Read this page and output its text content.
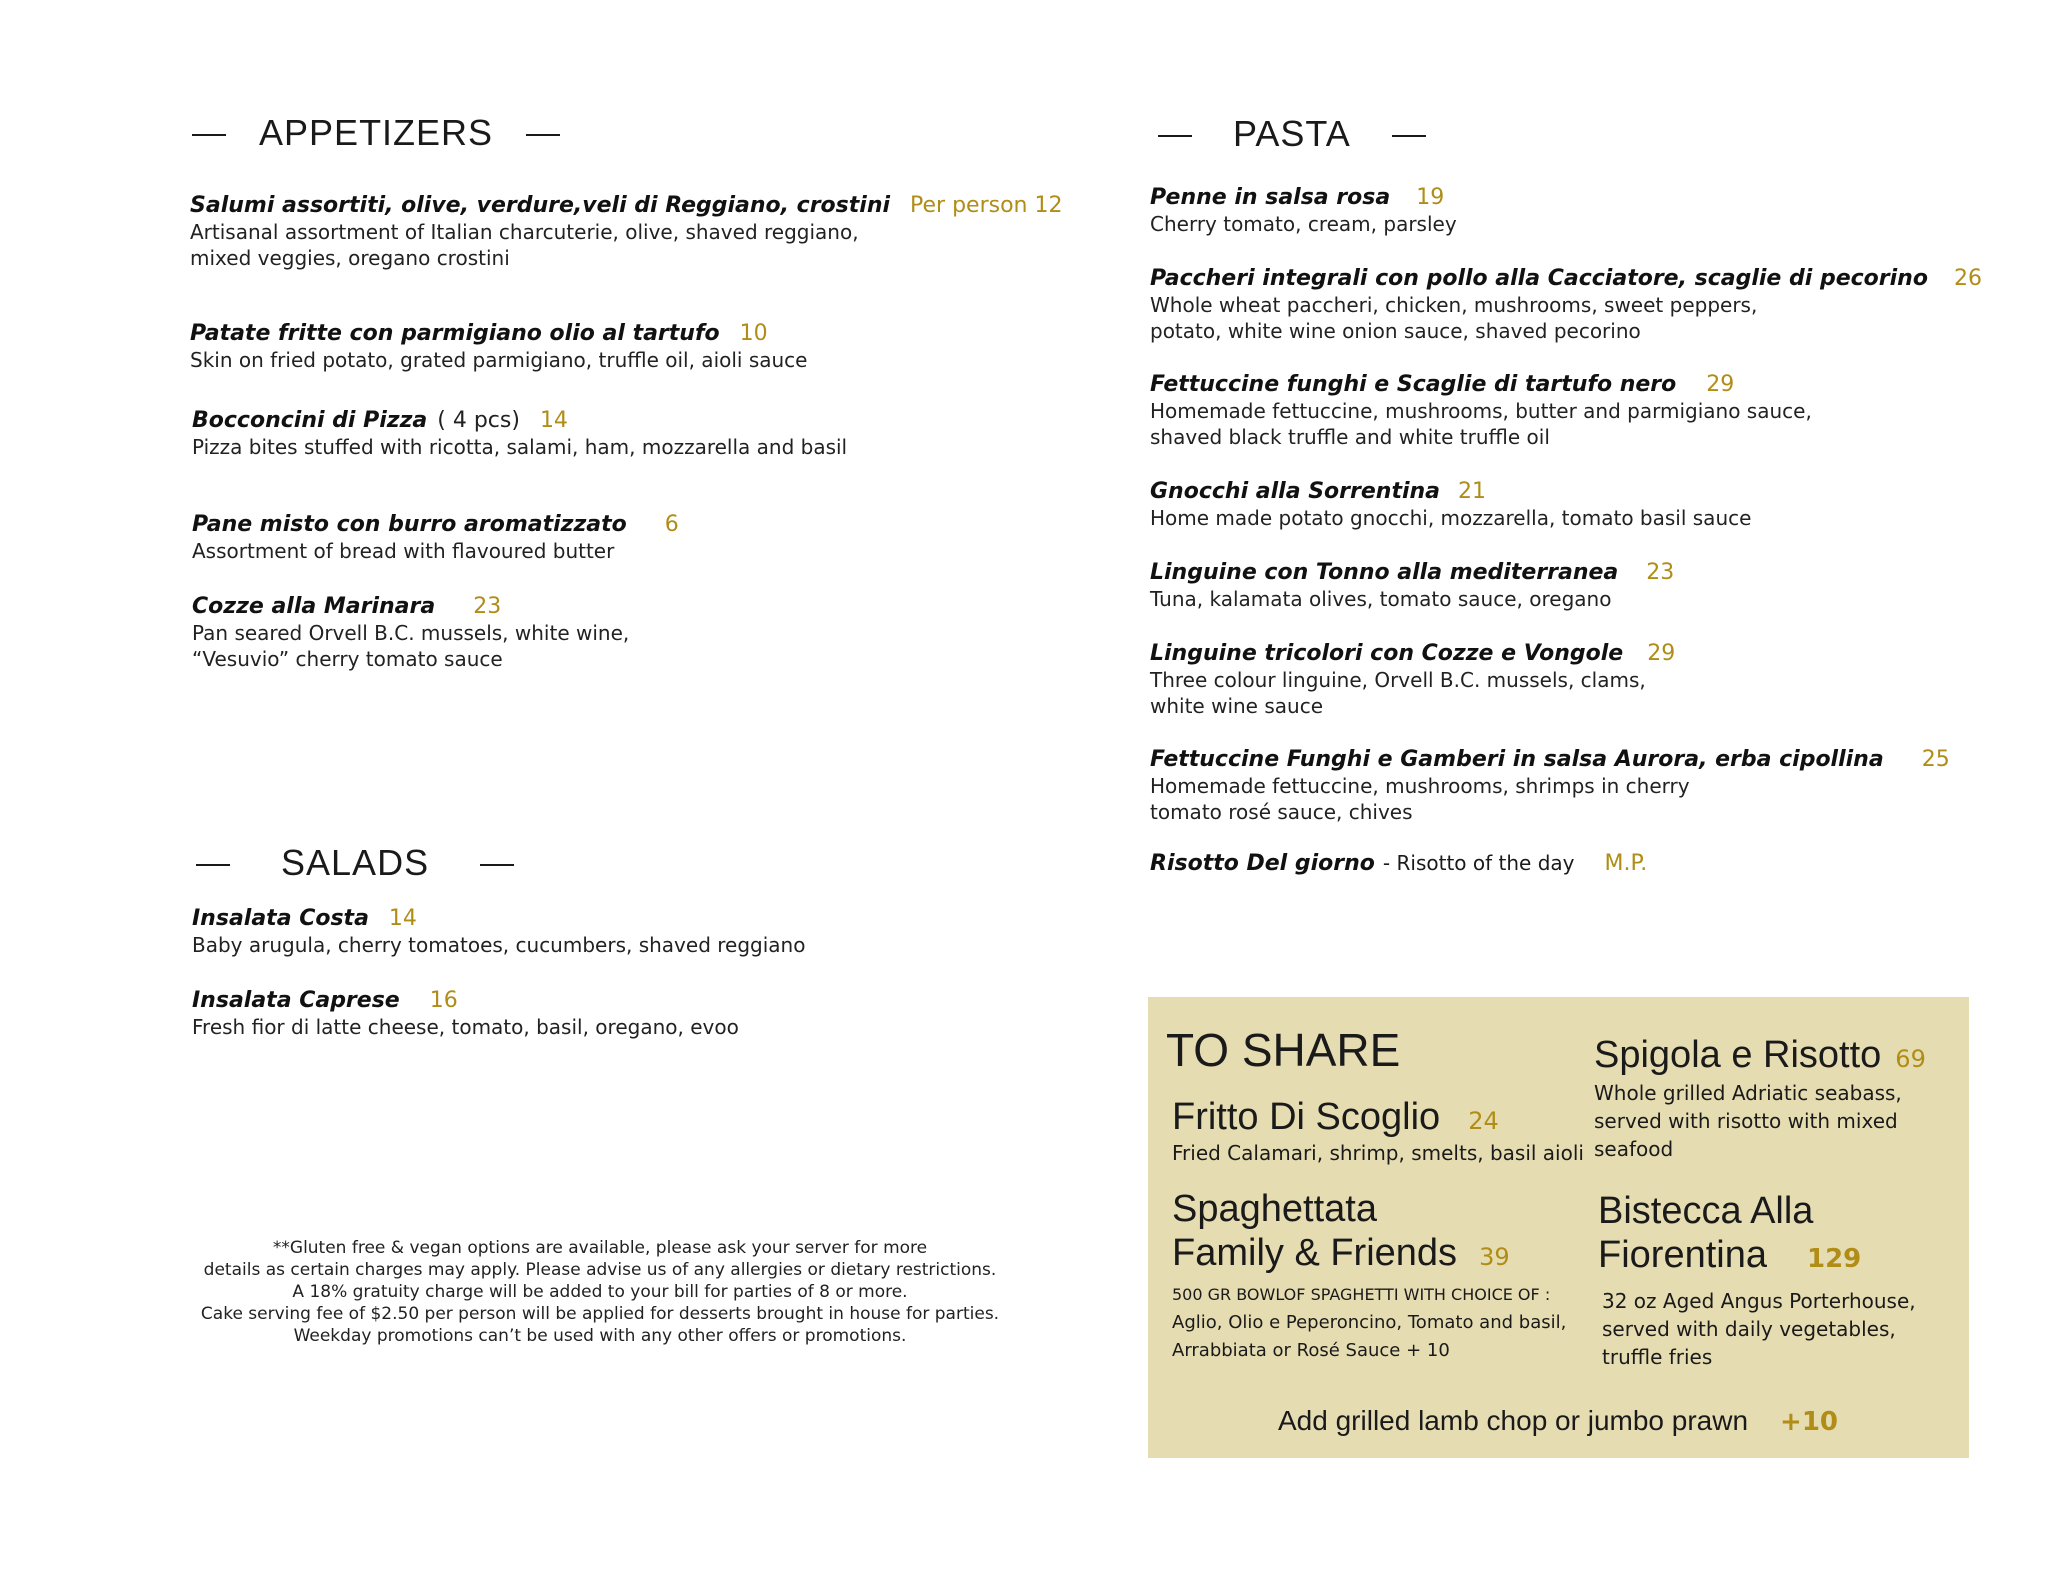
APPETIZERS
Salumi assortiti, olive, verdure,veli di Reggiano, crostini Per person 12
Artisanal assortment of Italian charcuterie, olive, shaved reggiano,
mixed veggies, oregano crostini
Patate fritte con parmigiano olio al tartufo 10
Skin on fried potato, grated parmigiano, truffle oil, aioli sauce
Bocconcini di Pizza ( 4 pcs) 14
Pizza bites stuffed with ricotta, salami, ham, mozzarella and basil
Pane misto con burro aromatizzato 6
Assortment of bread with flavoured butter
Cozze alla Marinara 23
Pan seared Orvell B.C. mussels, white wine,
“Vesuvio” cherry tomato sauce
SALADS
Insalata Costa 14
Baby arugula, cherry tomatoes, cucumbers, shaved reggiano
Insalata Caprese 16
Fresh fior di latte cheese, tomato, basil, oregano, evoo
**Gluten free & vegan options are available, please ask your server for more
details as certain charges may apply. Please advise us of any allergies or dietary restrictions.
A 18% gratuity charge will be added to your bill for parties of 8 or more.
Cake serving fee of $2.50 per person will be applied for desserts brought in house for parties.
Weekday promotions can’t be used with any other offers or promotions.
PASTA
Penne in salsa rosa 19
Cherry tomato, cream, parsley
Paccheri integrali con pollo alla Cacciatore, scaglie di pecorino 26
Whole wheat paccheri, chicken, mushrooms, sweet peppers,
potato, white wine onion sauce, shaved pecorino
Fettuccine funghi e Scaglie di tartufo nero 29
Homemade fettuccine, mushrooms, butter and parmigiano sauce,
shaved black truffle and white truffle oil
Gnocchi alla Sorrentina 21
Home made potato gnocchi, mozzarella, tomato basil sauce
Linguine con Tonno alla mediterranea 23
Tuna, kalamata olives, tomato sauce, oregano
Linguine tricolori con Cozze e Vongole 29
Three colour linguine, Orvell B.C. mussels, clams,
white wine sauce
Fettuccine Funghi e Gamberi in salsa Aurora, erba cipollina 25
Homemade fettuccine, mushrooms, shrimps in cherry
tomato rosé sauce, chives
Risotto Del giorno - Risotto of the day M.P.
TO SHARE
Fritto Di Scoglio 24
Fried Calamari, shrimp, smelts, basil aioli
Spaghettata
Family & Friends 39
500 GR BOWLOF SPAGHETTI WITH CHOICE OF :
Aglio, Olio e Peperoncino, Tomato and basil,
Arrabbiata or Rosé Sauce + 10
Spigola e Risotto 69
Whole grilled Adriatic seabass,
served with risotto with mixed
seafood
Bistecca Alla
Fiorentina 129
32 oz Aged Angus Porterhouse,
served with daily vegetables,
truffle fries
Add grilled lamb chop or jumbo prawn +10
